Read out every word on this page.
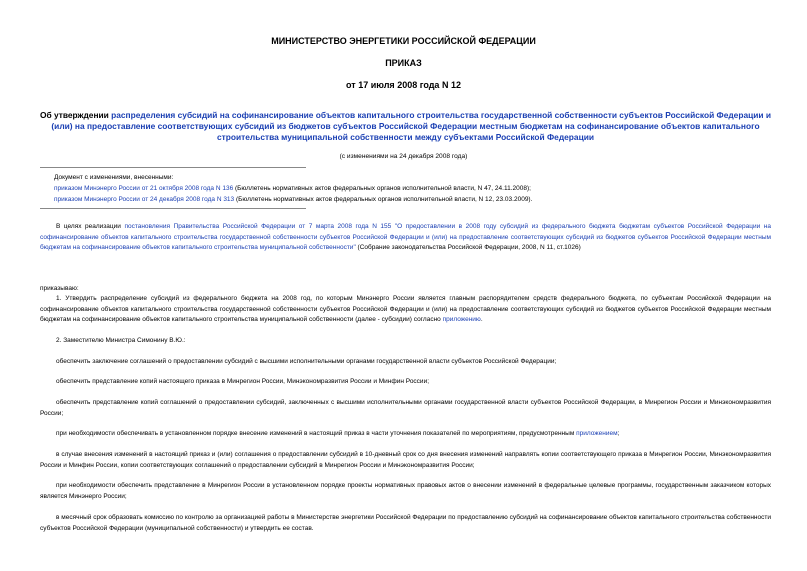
МИНИСТЕРСТВО ЭНЕРГЕТИКИ РОССИЙСКОЙ ФЕДЕРАЦИИ

ПРИКАЗ

от 17 июля 2008 года N 12

Об утверждении распределения субсидий на софинансирование объектов капитального строительства государственной собственности субъектов Российской Федерации и (или) на предоставление соответствующих субсидий из бюджетов субъектов Российской Федерации местным бюджетам на софинансирование объектов капитального строительства муниципальной собственности между субъектами Российской Федерации
(с изменениями на 24 декабря 2008 года)
Документ с изменениями, внесенными:
приказом Минэнерго России от 21 октября 2008 года N 136 (Бюллетень нормативных актов федеральных органов исполнительной власти, N 47, 24.11.2008);
приказом Минэнерго России от 24 декабря 2008 года N 313 (Бюллетень нормативных актов федеральных органов исполнительной власти, N 12, 23.03.2009).

В целях реализации постановления Правительства Российской Федерации от 7 марта 2008 года N 155 "О предоставлении в 2008 году субсидий из федерального бюджета бюджетам субъектов Российской Федерации на софинансирование объектов капитального строительства государственной собственности субъектов Российской Федерации и (или) на предоставление соответствующих субсидий из бюджетов субъектов Российской Федерации местным бюджетам на софинансирование объектов капитального строительства муниципальной собственности" (Собрание законодательства Российской Федерации, 2008, N 11, ст.1026)

приказываю:

1. Утвердить распределение субсидий из федерального бюджета на 2008 год, по которым Минэнерго России является главным распорядителем средств федерального бюджета, по субъектам Российской Федерации на софинансирование объектов капитального строительства государственной собственности субъектов Российской Федерации и (или) на предоставление соответствующих субсидий из бюджетов субъектов Российской Федерации местным бюджетам на софинансирование объектов капитального строительства муниципальной собственности (далее - субсидии) согласно приложению.

2. Заместителю Министра Симонину В.Ю.:

обеспечить заключение соглашений о предоставлении субсидий с высшими исполнительными органами государственной власти субъектов Российской Федерации;

обеспечить представление копий настоящего приказа в Минрегион России, Минэкономразвития России и Минфин России;

обеспечить представление копий соглашений о предоставлении субсидий, заключенных с высшими исполнительными органами государственной власти субъектов Российской Федерации, в Минрегион России и Минэкономразвития России;

при необходимости обеспечивать в установленном порядке внесение изменений в настоящий приказ в части уточнения показателей по мероприятиям, предусмотренным приложением;

в случае внесения изменений в настоящий приказ и (или) соглашения о предоставлении субсидий в 10-дневный срок со дня внесения изменений направлять копии соответствующего приказа в Минрегион России, Минэкономразвития России и Минфин России, копии соответствующих соглашений о предоставлении субсидий в Минрегион России и Минэкономразвития России;

при необходимости обеспечить представление в Минрегион России в установленном порядке проекты нормативных правовых актов о внесении изменений в федеральные целевые программы, государственным заказчиком которых является Минэнерго России;

в месячный срок образовать комиссию по контролю за организацией работы в Министерстве энергетики Российской Федерации по предоставлению субсидий на софинансирование объектов капитального строительства собственности субъектов Российской Федерации (муниципальной собственности) и утвердить ее состав.
